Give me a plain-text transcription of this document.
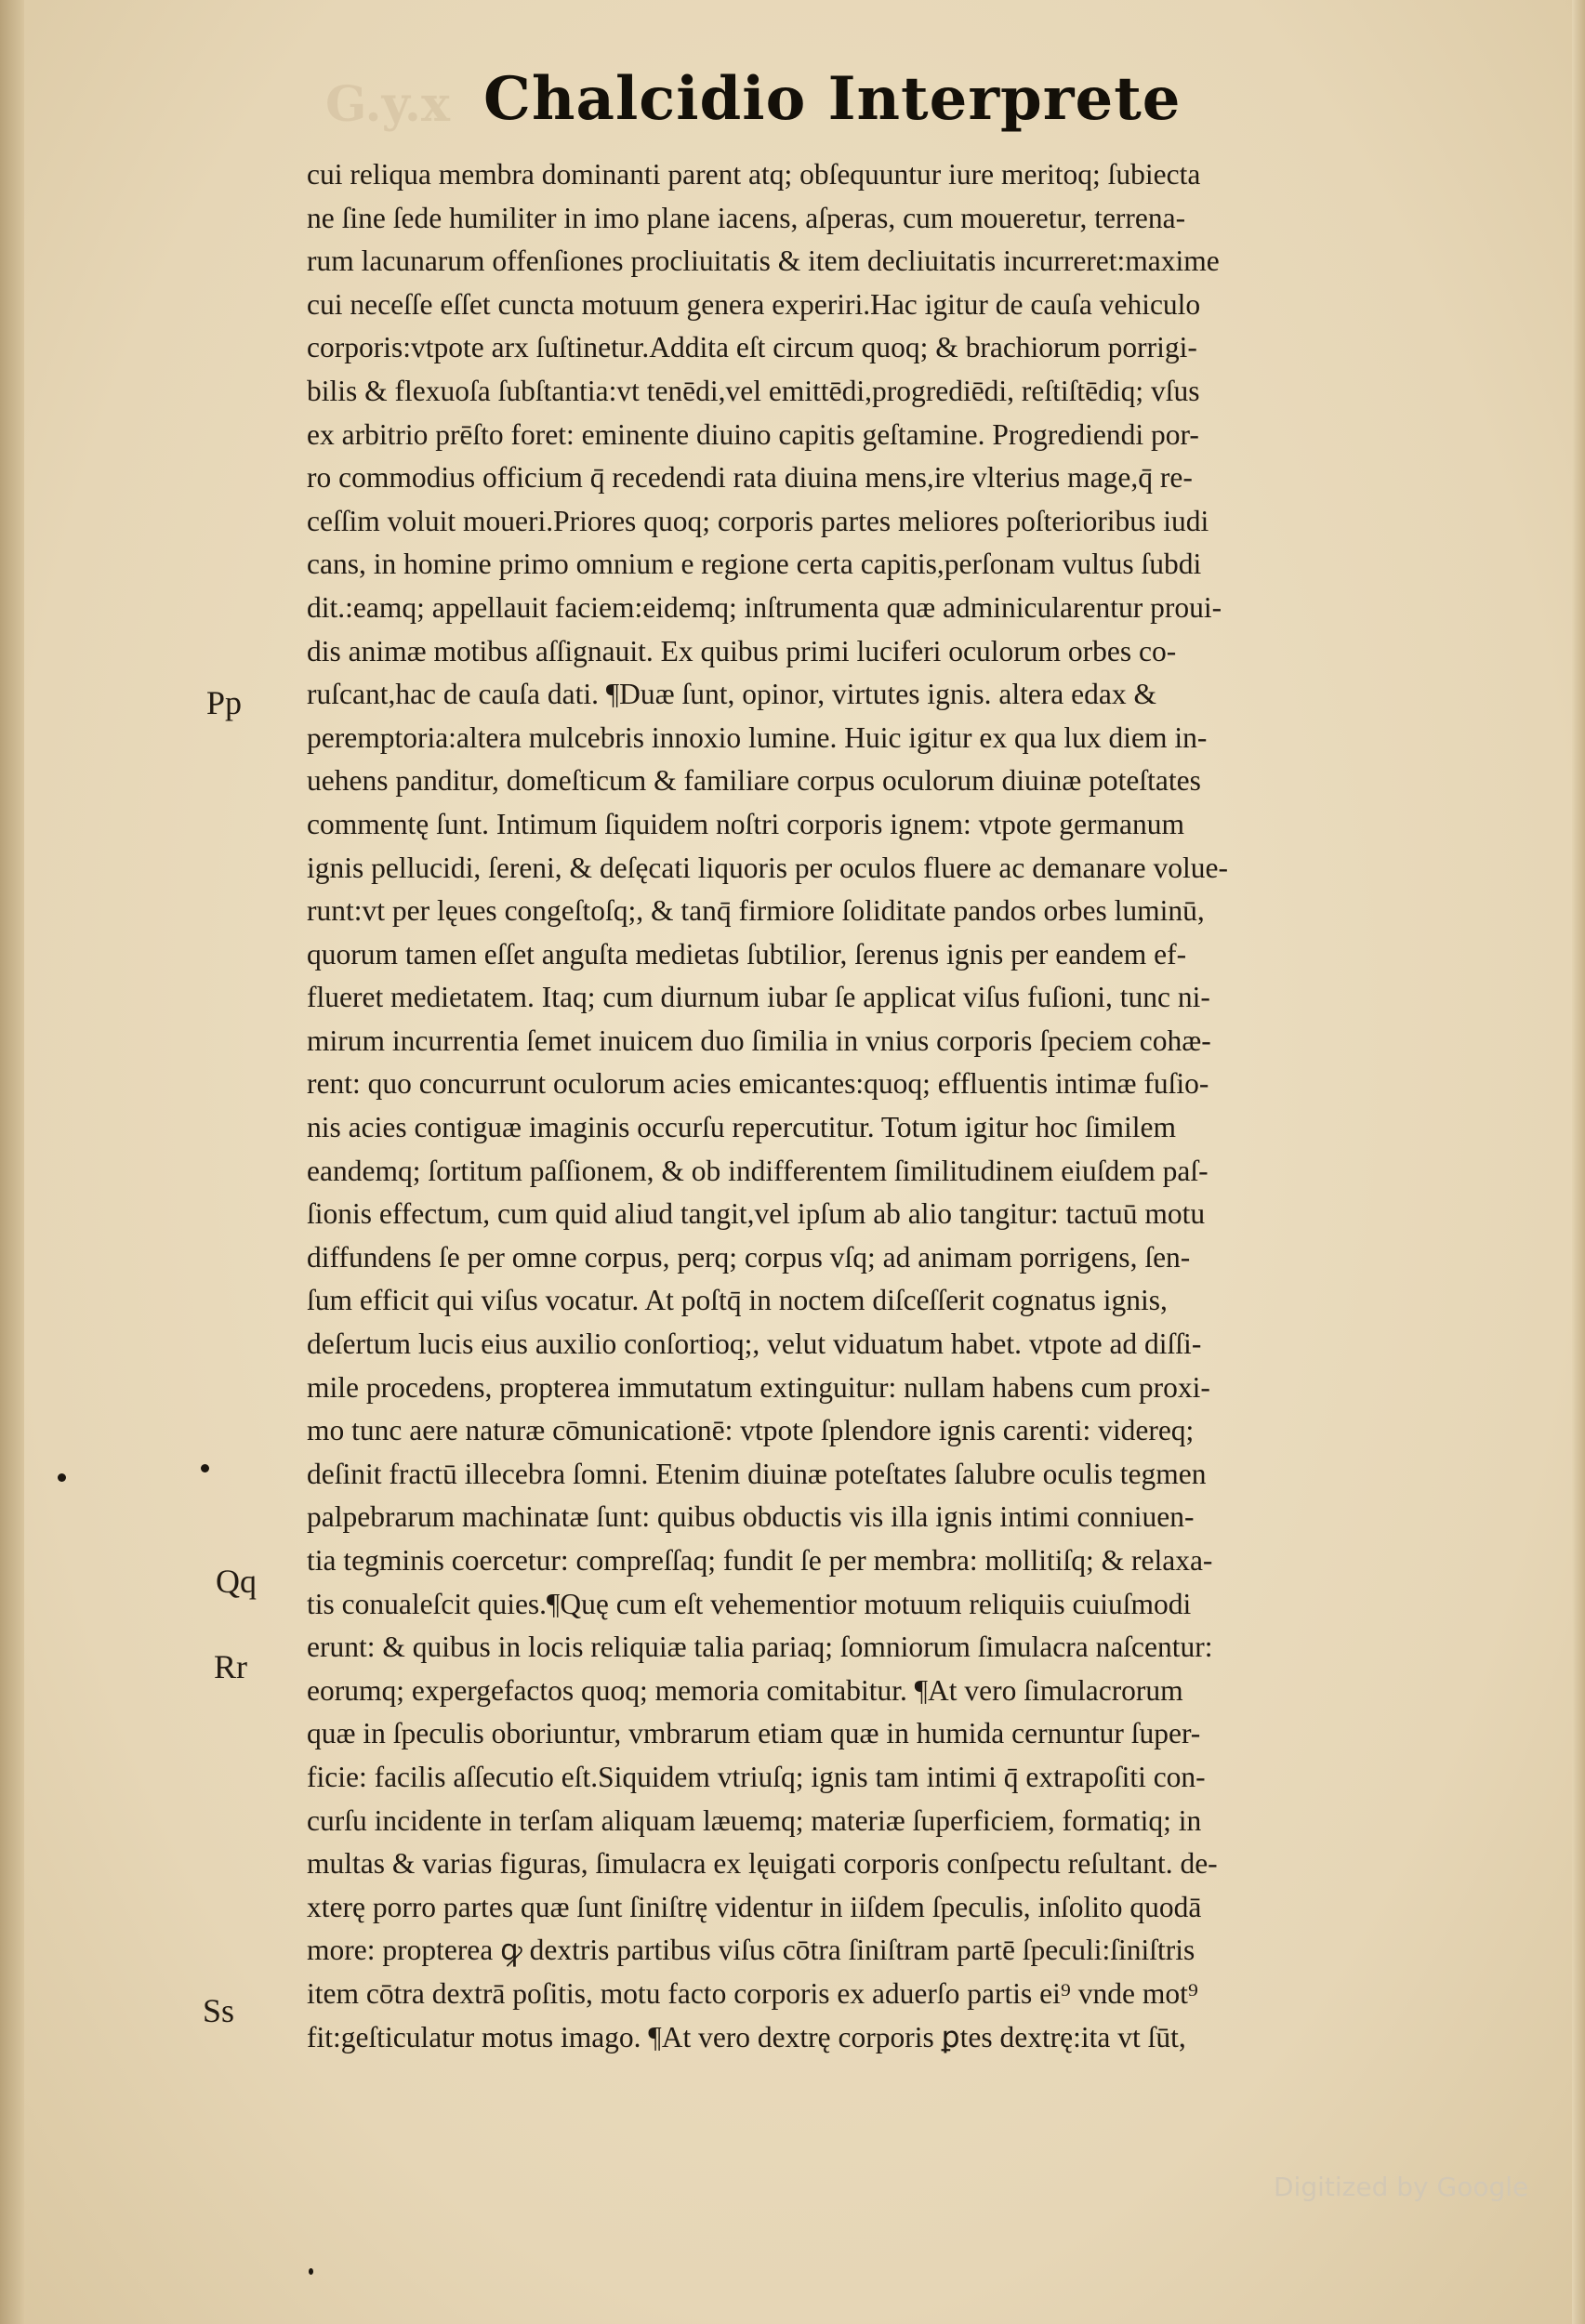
G.y.x Chalcidio Interprete
cui reliqua membra dominanti parent atq; obſequuntur iure meritoq; ſubiecta
ne ſine ſede humiliter in imo plane iacens, aſperas, cum moueretur, terrena-
rum lacunarum offenſiones procliuitatis & item decliuitatis incurreret:maxime
cui neceſſe eſſet cuncta motuum genera experiri.Hac igitur de cauſa vehiculo
corporis:vtpote arx ſuſtinetur.Addita eſt circum quoq; & brachiorum porrigi-
bilis & flexuoſa ſubſtantia:vt tenēdi,vel emittēdi,progrediēdi, reſtiſtēdiq; vſus
ex arbitrio prēſto foret: eminente diuino capitis geſtamine. Progrediendi por-
ro commodius officium q̄ recedendi rata diuina mens,ire vlterius mage,q̄ re-
ceſſim voluit moueri.Priores quoq; corporis partes meliores poſterioribus iudi
cans, in homine primo omnium e regione certa capitis,perſonam vultus ſubdi
dit.:eamq; appellauit faciem:eidemq; inſtrumenta quæ adminicularentur proui-
dis animæ motibus aſſignauit. Ex quibus primi luciferi oculorum orbes co-
ruſcant,hac de cauſa dati. ¶Duæ ſunt, opinor, virtutes ignis. altera edax &
peremptoria:altera mulcebris innoxio lumine. Huic igitur ex qua lux diem in-
uehens panditur, domeſticum & familiare corpus oculorum diuinæ poteſtates
commentę ſunt. Intimum ſiquidem noſtri corporis ignem: vtpote germanum
ignis pellucidi, ſereni, & deſęcati liquoris per oculos fluere ac demanare volue-
runt:vt per lęues congeſtoſq;, & tanq̄ firmiore ſoliditate pandos orbes luminū,
quorum tamen eſſet anguſta medietas ſubtilior, ſerenus ignis per eandem ef-
flueret medietatem. Itaq; cum diurnum iubar ſe applicat viſus fuſioni, tunc ni-
mirum incurrentia ſemet inuicem duo ſimilia in vnius corporis ſpeciem cohæ-
rent: quo concurrunt oculorum acies emicantes:quoq; effluentis intimæ fuſio-
nis acies contiguæ imaginis occurſu repercutitur. Totum igitur hoc ſimilem
eandemq; ſortitum paſſionem, & ob indifferentem ſimilitudinem eiuſdem paſ-
ſionis effectum, cum quid aliud tangit,vel ipſum ab alio tangitur: tactuū motu
diffundens ſe per omne corpus, perq; corpus vſq; ad animam porrigens, ſen-
ſum efficit qui viſus vocatur. At poſtq̄ in noctem diſceſſerit cognatus ignis,
deſertum lucis eius auxilio conſortioq;, velut viduatum habet. vtpote ad diſſi-
mile procedens, propterea immutatum extinguitur: nullam habens cum proxi-
mo tunc aere naturæ cōmunicationē: vtpote ſplendore ignis carenti: videreq;
deſinit fractū illecebra ſomni. Etenim diuinæ poteſtates ſalubre oculis tegmen
palpebrarum machinatæ ſunt: quibus obductis vis illa ignis intimi conniuen-
tia tegminis coercetur: compreſſaq; fundit ſe per membra: mollitiſq; & relaxa-
tis conualeſcit quies.¶Quę cum eſt vehementior motuum reliquiis cuiuſmodi
erunt: & quibus in locis reliquiæ talia pariaq; ſomniorum ſimulacra naſcentur:
eorumq; expergefactos quoq; memoria comitabitur. ¶At vero ſimulacrorum
quæ in ſpeculis oboriuntur, vmbrarum etiam quæ in humida cernuntur ſuper-
ficie: facilis aſſecutio eſt.Siquidem vtriuſq; ignis tam intimi q̄ extrapoſiti con-
curſu incidente in terſam aliquam læuemq; materiæ ſuperficiem, formatiq; in
multas & varias figuras, ſimulacra ex lęuigati corporis conſpectu reſultant. de-
xterę porro partes quæ ſunt ſiniſtrę videntur in iiſdem ſpeculis, inſolito quodā
more: propterea ꝙ dextris partibus viſus cōtra ſiniſtram partē ſpeculi:ſiniſtris
item cōtra dextrā poſitis, motu facto corporis ex aduerſo partis ei⁹ vnde mot⁹
fit:geſticulatur motus imago. ¶At vero dextrę corporis ꝑtes dextrę:ita vt ſūt,
Pp
Qq
Rr
Ss
Digitized by Google
